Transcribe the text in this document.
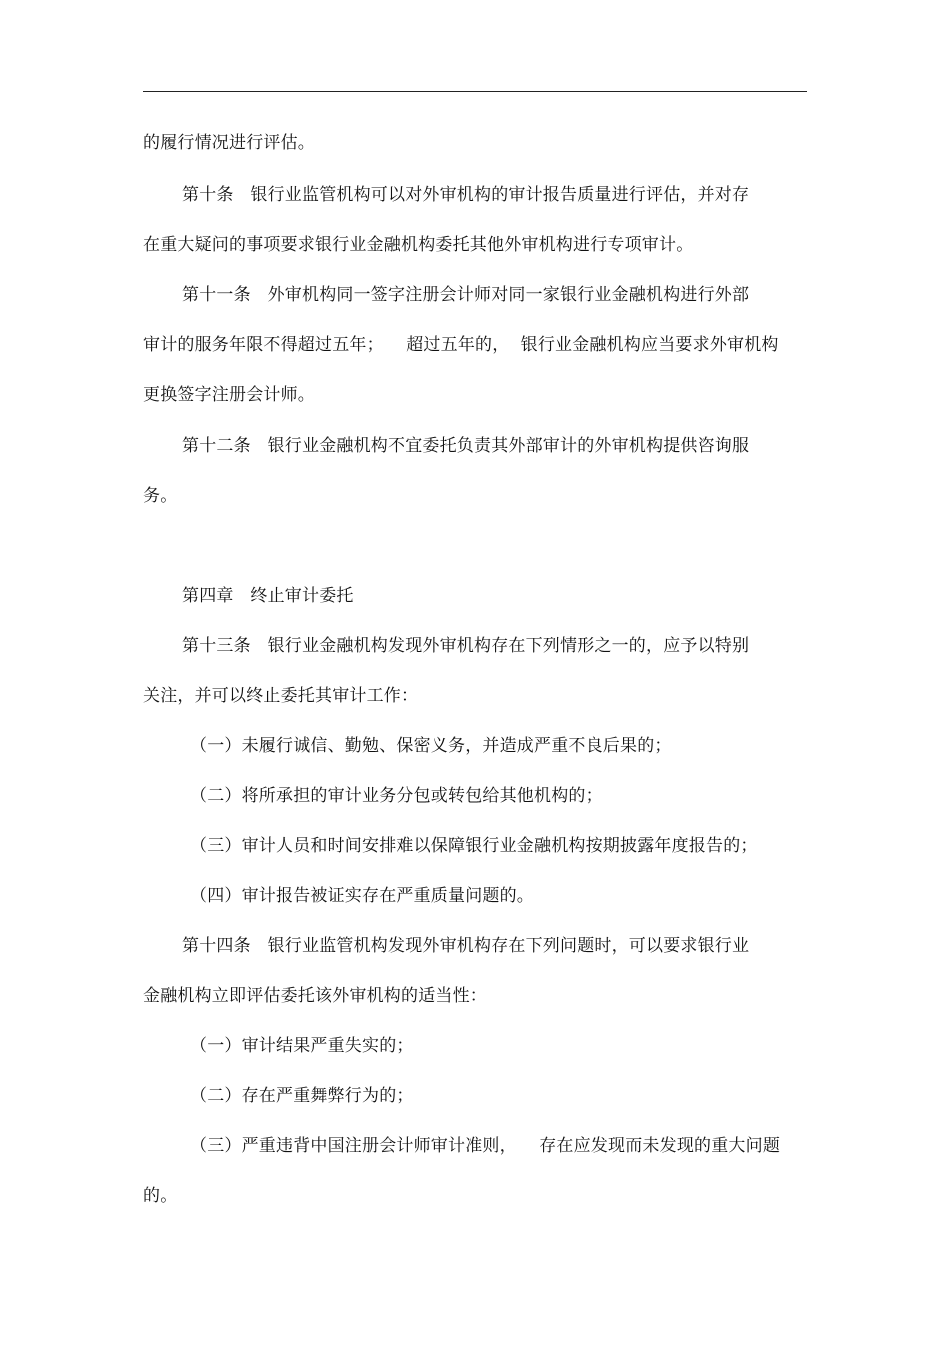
的履行情况进行评估。
第十条   银行业监管机构可以对外审机构的审计报告质量进行评估，并对存
在重大疑问的事项要求银行业金融机构委托其他外审机构进行专项审计。
第十一条   外审机构同一签字注册会计师对同一家银行业金融机构进行外部
审计的服务年限不得超过五年；    超过五年的，  银行业金融机构应当要求外审机构
更换签字注册会计师。
第十二条   银行业金融机构不宜委托负责其外部审计的外审机构提供咨询服
务。
第四章   终止审计委托
第十三条   银行业金融机构发现外审机构存在下列情形之一的，应予以特别
关注，并可以终止委托其审计工作：
（一）未履行诚信、勤勉、保密义务，并造成严重不良后果的；
（二）将所承担的审计业务分包或转包给其他机构的；
（三）审计人员和时间安排难以保障银行业金融机构按期披露年度报告的；
（四）审计报告被证实存在严重质量问题的。
第十四条   银行业监管机构发现外审机构存在下列问题时，可以要求银行业
金融机构立即评估委托该外审机构的适当性：
（一）审计结果严重失实的；
（二）存在严重舞弊行为的；
（三）严重违背中国注册会计师审计准则，    存在应发现而未发现的重大问题
的。
